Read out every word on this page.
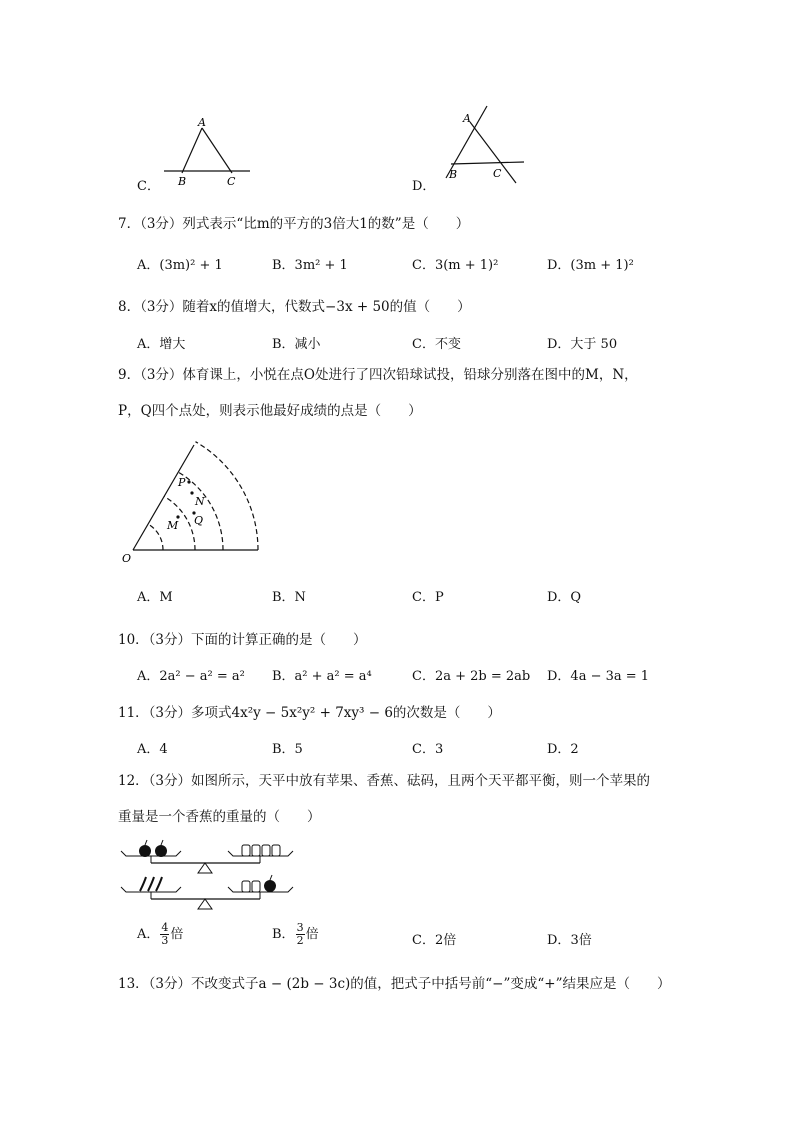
C．
A
B	C	D．
A
B	C
7．（3分）列式表示“比m的平方的3倍大1的数”是（　　）
A．(3m)² + 1	B．3m² + 1	C．3(m + 1)²	D．(3m + 1)²
8．（3分）随着x的值增大，代数式−3x + 50的值（　　）
A．增大	B．减小	C．不变	D．大于 50
9．（3分）体育课上，小悦在点O处进行了四次铅球试投，铅球分别落在图中的M，N，
P，Q四个点处，则表示他最好成绩的点是（　　）
O
P
N
Q
M
A．M	B．N	C．P	D．Q
10．（3分）下面的计算正确的是（　　）
A．2a² − a² = a² B．a² + a² = a⁴	C．2a + 2b = 2ab D．4a − 3a = 1
11．（3分）多项式4x²y − 5x²y² + 7xy³ − 6的次数是（　　）
A．4	B．5	C．3	D．2
12．（3分）如图所示，天平中放有苹果、香蕉、砝码，且两个天平都平衡，则一个苹果的
重量是一个香蕉的重量的（　　）
A． $\frac{4}{3}$ 倍	B． $\frac{3}{2}$ 倍	C．2倍	D．3倍
13．（3分）不改变式子a − (2b − 3c)的值，把式子中括号前“−”变成“+”结果应是（　　）
